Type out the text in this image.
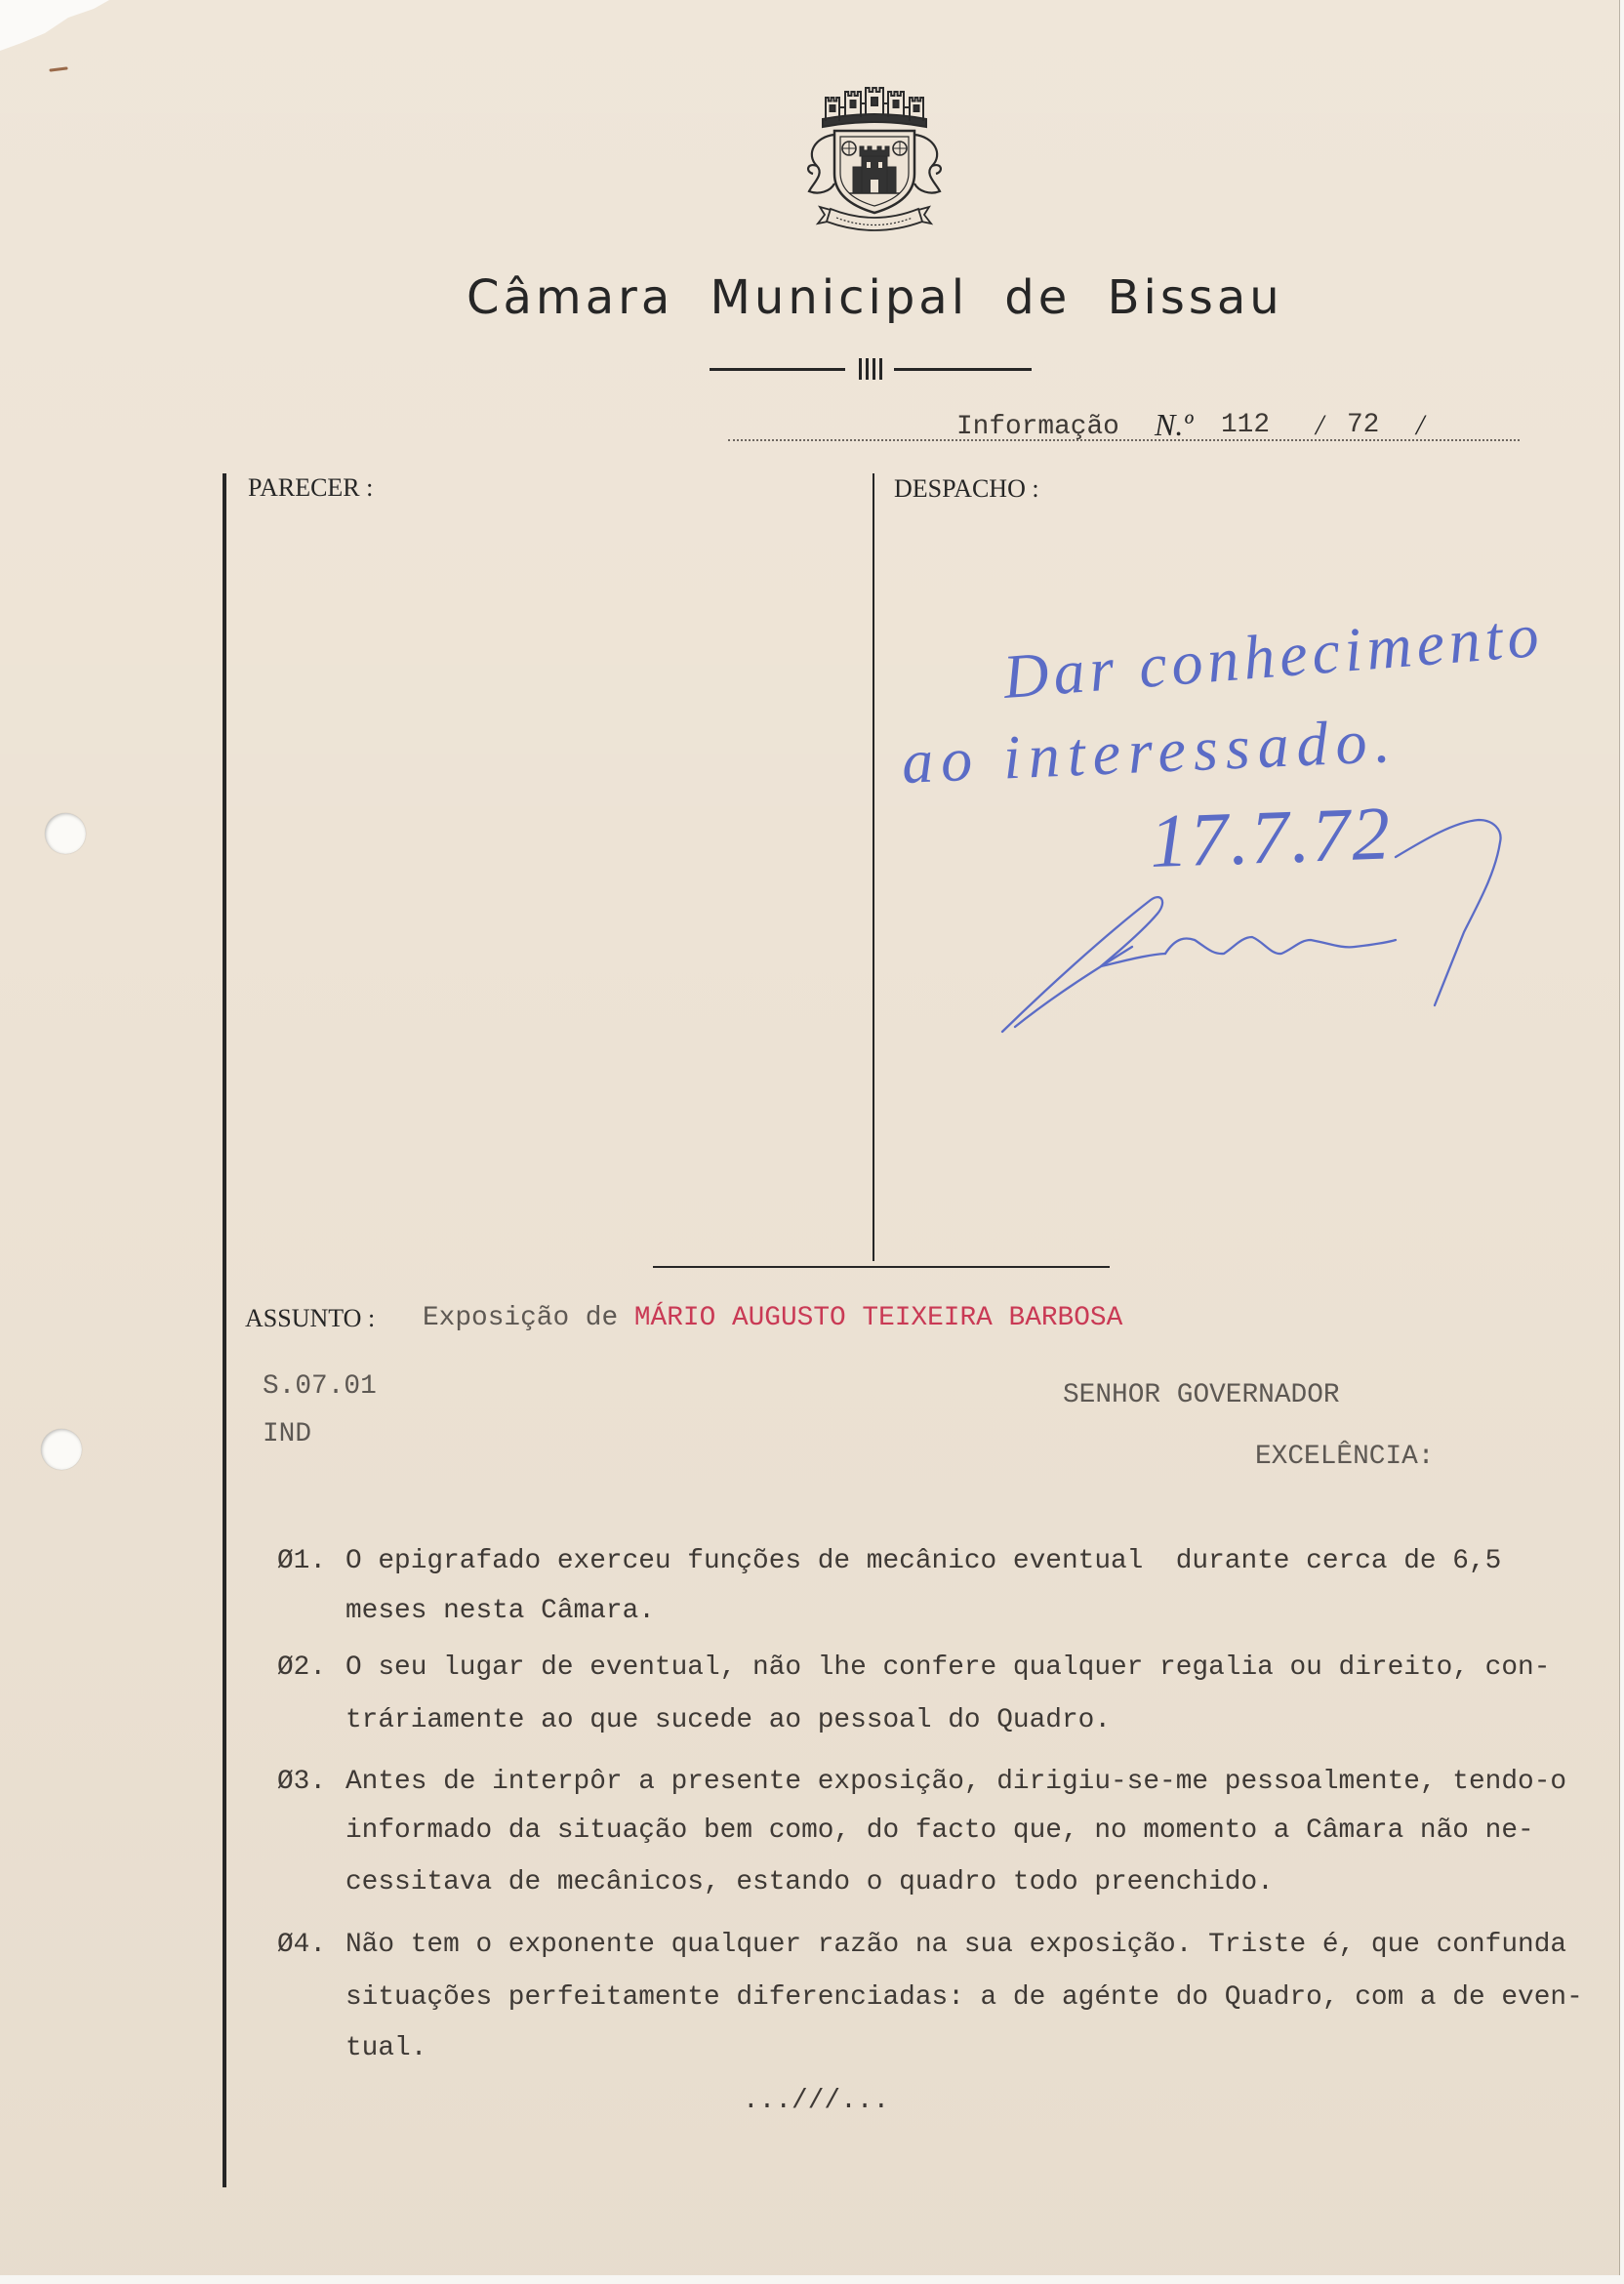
Câmara Municipal de Bissau

Informação N.º 112 / 72 /
PARECER :	DESPACHO :
ASSUNTO :
Dar conhecimento
ao interessado.
17.7.72
Exposição de MÁRIO AUGUSTO TEIXEIRA BARBOSA
S.07.01
IND
SENHOR GOVERNADOR
EXCELÊNCIA:
Ø1. O epigrafado exerceu funções de mecânico eventual  durante cerca de 6,5
meses nesta Câmara.
Ø2. O seu lugar de eventual, não lhe confere qualquer regalia ou direito, con-
tráriamente ao que sucede ao pessoal do Quadro.
Ø3. Antes de interpôr a presente exposição, dirigiu-se-me pessoalmente, tendo-o
informado da situação bem como, do facto que, no momento a Câmara não ne-
cessitava de mecânicos, estando o quadro todo preenchido.
Ø4. Não tem o exponente qualquer razão na sua exposição. Triste é, que confunda
situações perfeitamente diferenciadas: a de agénte do Quadro, com a de even-
tual.
...///...
